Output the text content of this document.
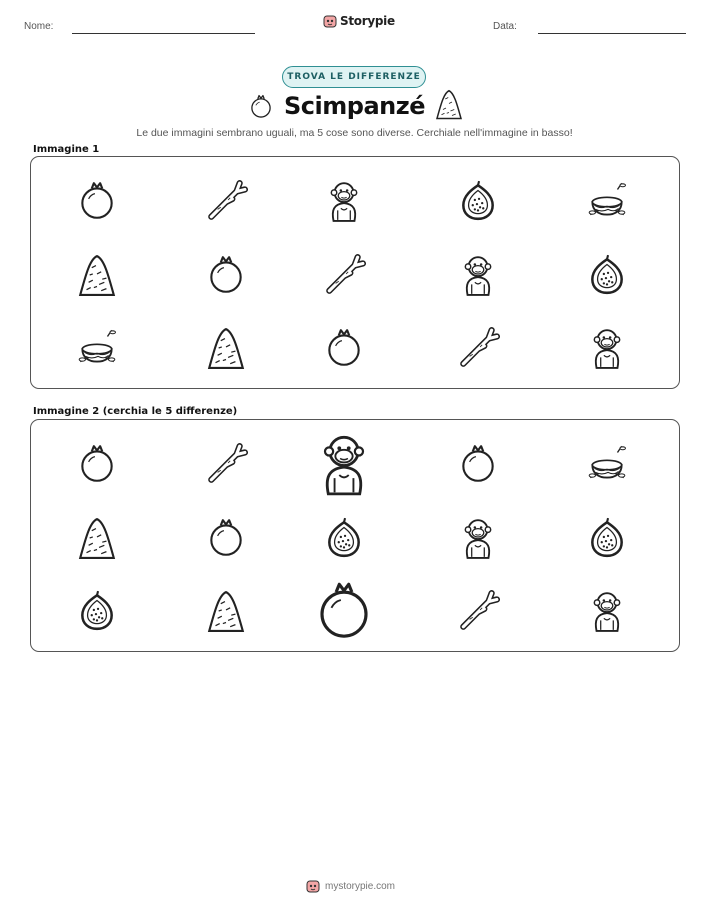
Nome:	Storypie	Data:
TROVA LE DIFFERENZE
Scimpanzé
Le due immagini sembrano uguali, ma 5 cose sono diverse. Cerchiale nell'immagine in basso!
Immagine 1
Immagine 2 (cerchia le 5 differenze)
mystorypie.com
